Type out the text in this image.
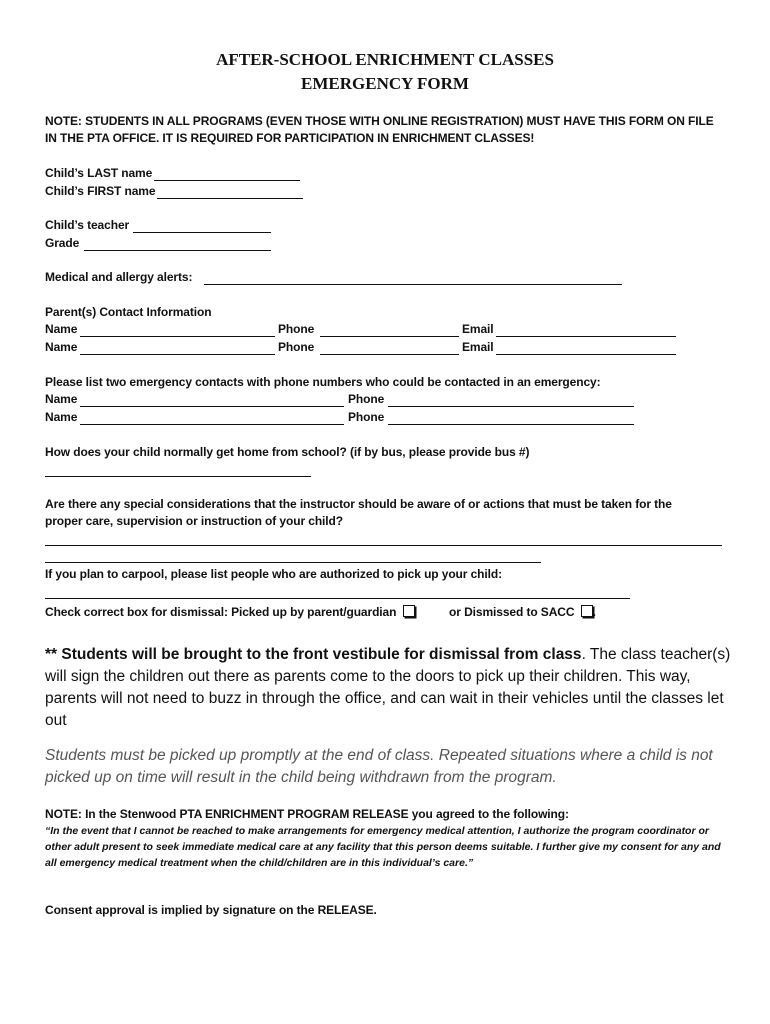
AFTER-SCHOOL ENRICHMENT CLASSES
EMERGENCY FORM
NOTE: STUDENTS IN ALL PROGRAMS (EVEN THOSE WITH ONLINE REGISTRATION) MUST HAVE THIS FORM ON FILE
IN THE PTA OFFICE. IT IS REQUIRED FOR PARTICIPATION IN ENRICHMENT CLASSES!
Child’s LAST name
Child’s FIRST name
Child’s teacher
Grade
Medical and allergy alerts:
Parent(s) Contact Information
Name	Phone	Email
Name	Phone	Email
Please list two emergency contacts with phone numbers who could be contacted in an emergency:
Name	Phone
Name	Phone
How does your child normally get home from school? (if by bus, please provide bus #)
Are there any special considerations that the instructor should be aware of or actions that must be taken for the
proper care, supervision or instruction of your child?
If you plan to carpool, please list people who are authorized to pick up your child:
Check correct box for dismissal: Picked up by parent/guardian	or Dismissed to SACC .
** Students will be brought to the front vestibule for dismissal from class. The class teacher(s) will sign the children out there as parents come to the doors to pick up their children. This way, parents will not need to buzz in through the office, and can wait in their vehicles until the classes let out
Students must be picked up promptly at the end of class. Repeated situations where a child is not picked up on time will result in the child being withdrawn from the program.
NOTE: In the Stenwood PTA ENRICHMENT PROGRAM RELEASE you agreed to the following:
“In the event that I cannot be reached to make arrangements for emergency medical attention, I authorize the program coordinator or other adult present to seek immediate medical care at any facility that this person deems suitable. I further give my consent for any and all emergency medical treatment when the child/children are in this individual’s care.”
Consent approval is implied by signature on the RELEASE.
